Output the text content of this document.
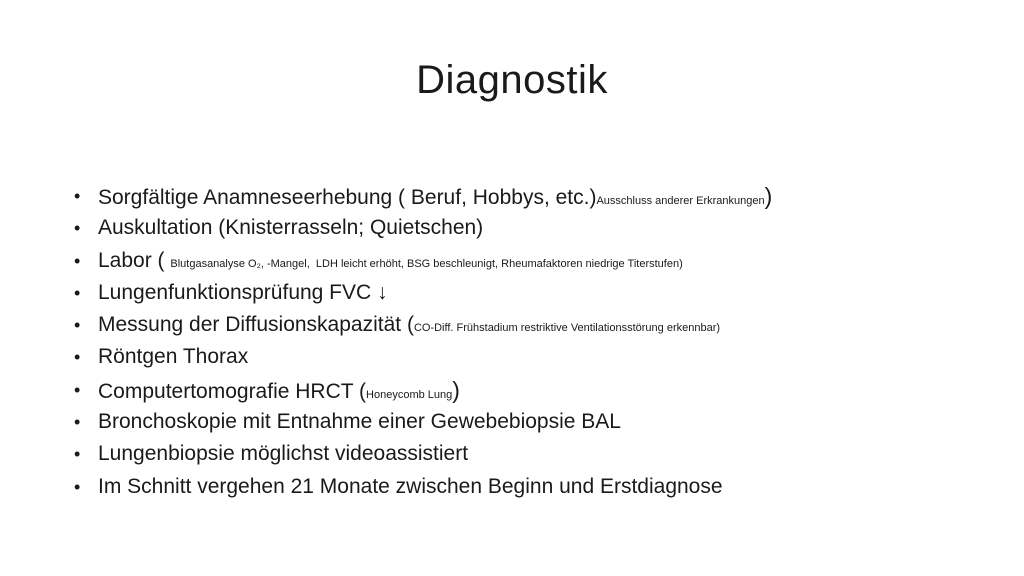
Diagnostik
• Sorgfältige Anamneseerhebung ( Beruf, Hobbys, etc.)Ausschluss anderer Erkrankungen)
• Auskultation (Knisterrasseln; Quietschen)
• Labor ( Blutgasanalyse O₂, -Mangel,  LDH leicht erhöht, BSG beschleunigt, Rheumafaktoren niedrige Titerstufen)
• Lungenfunktionsprüfung FVC ↓
• Messung der Diffusionskapazität (CO-Diff. Frühstadium restriktive Ventilationsstörung erkennbar)
• Röntgen Thorax
• Computertomografie HRCT (Honeycomb Lung)
• Bronchoskopie mit Entnahme einer Gewebebiopsie BAL
• Lungenbiopsie möglichst videoassistiert
• Im Schnitt vergehen 21 Monate zwischen Beginn und Erstdiagnose
